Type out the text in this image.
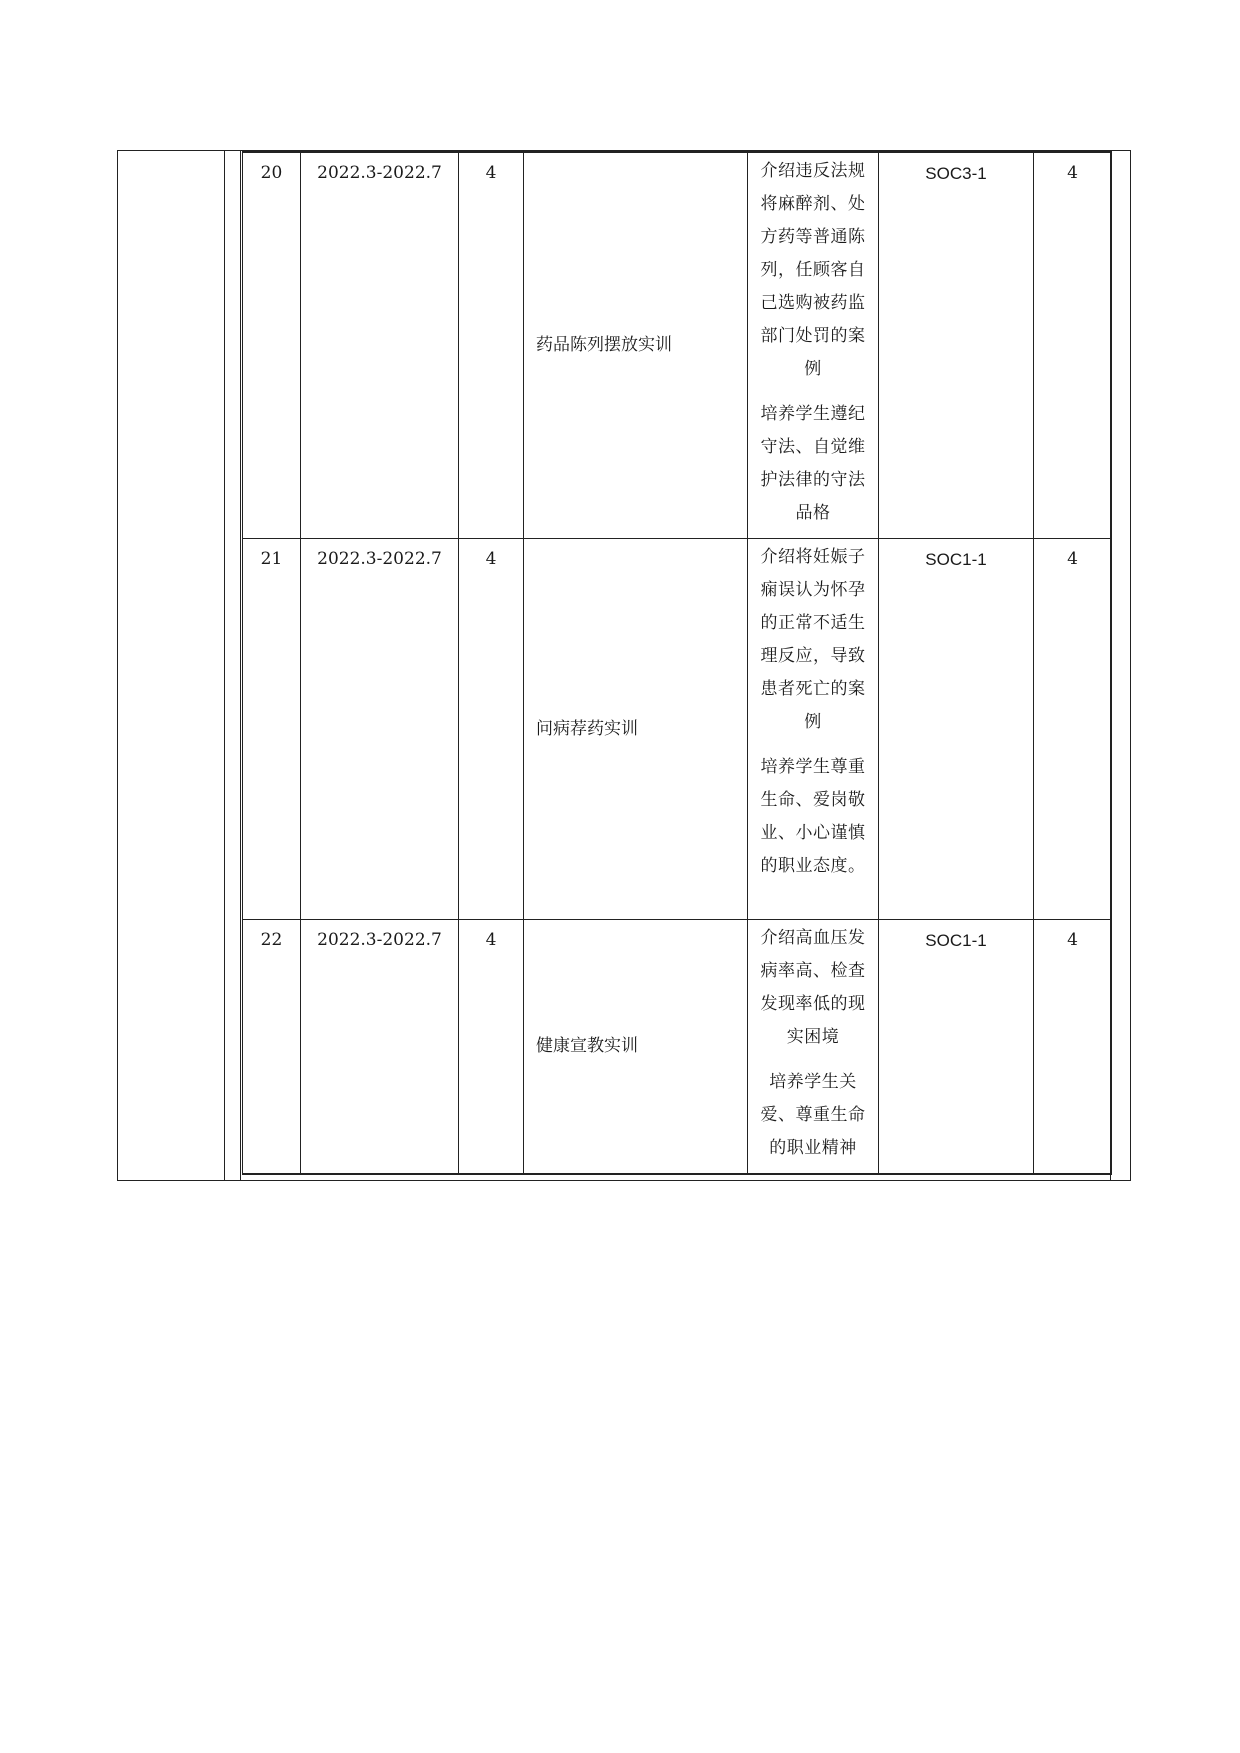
20	2022.3-2022.7	4	药品陈列摆放实训	介绍违反法规将麻醉剂、处方药等普通陈列，任顾客自己选购被药监部门处罚的案例
培养学生遵纪守法、自觉维护法律的守法品格	SOC3-1	4
21	2022.3-2022.7	4	问病荐药实训	介绍将妊娠子痫误认为怀孕的正常不适生理反应，导致患者死亡的案例
培养学生尊重生命、爱岗敬业、小心谨慎的职业态度。	SOC1-1	4
22	2022.3-2022.7	4	健康宣教实训	介绍高血压发病率高、检查发现率低的现实困境
培养学生关爱、尊重生命的职业精神	SOC1-1	4
